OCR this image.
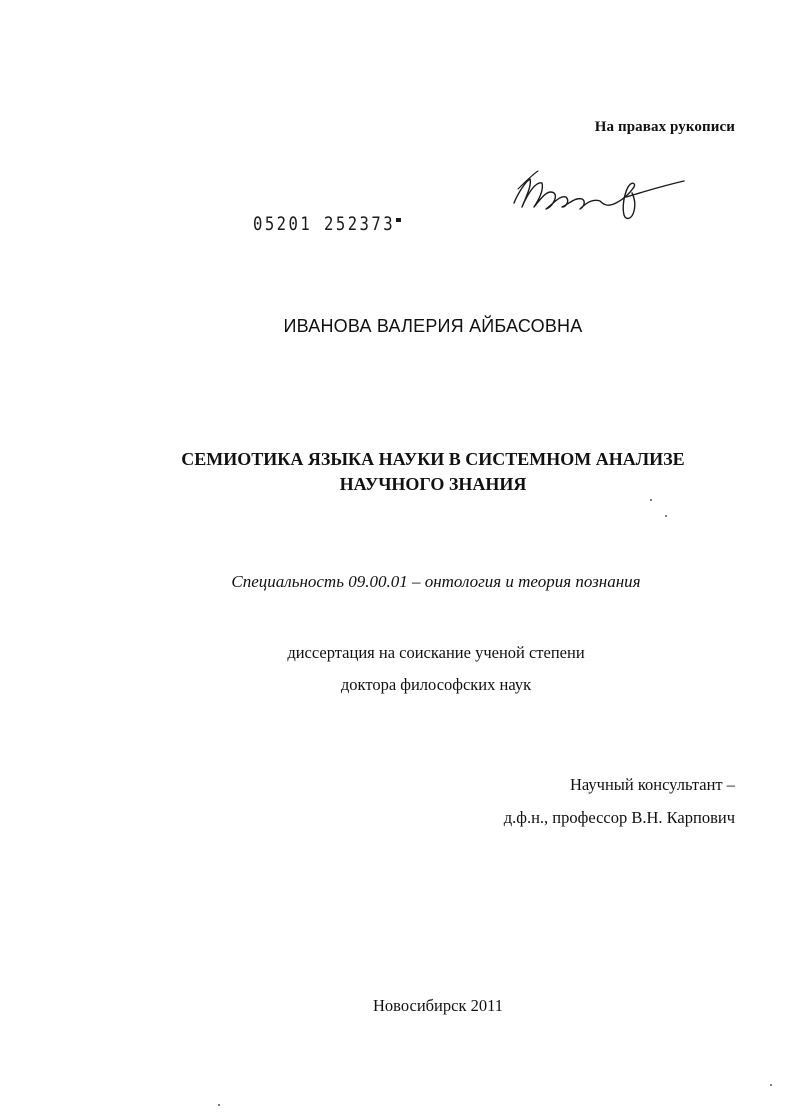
На правах рукописи
05201 252373
ИВАНОВА ВАЛЕРИЯ АЙБАСОВНА
СЕМИОТИКА ЯЗЫКА НАУКИ В СИСТЕМНОМ АНАЛИЗЕ
НАУЧНОГО ЗНАНИЯ
Специальность 09.00.01 – онтология и теория познания
диссертация на соискание ученой степени
доктора философских наук
Научный консультант –
д.ф.н., профессор В.Н. Карпович
Новосибирск 2011
